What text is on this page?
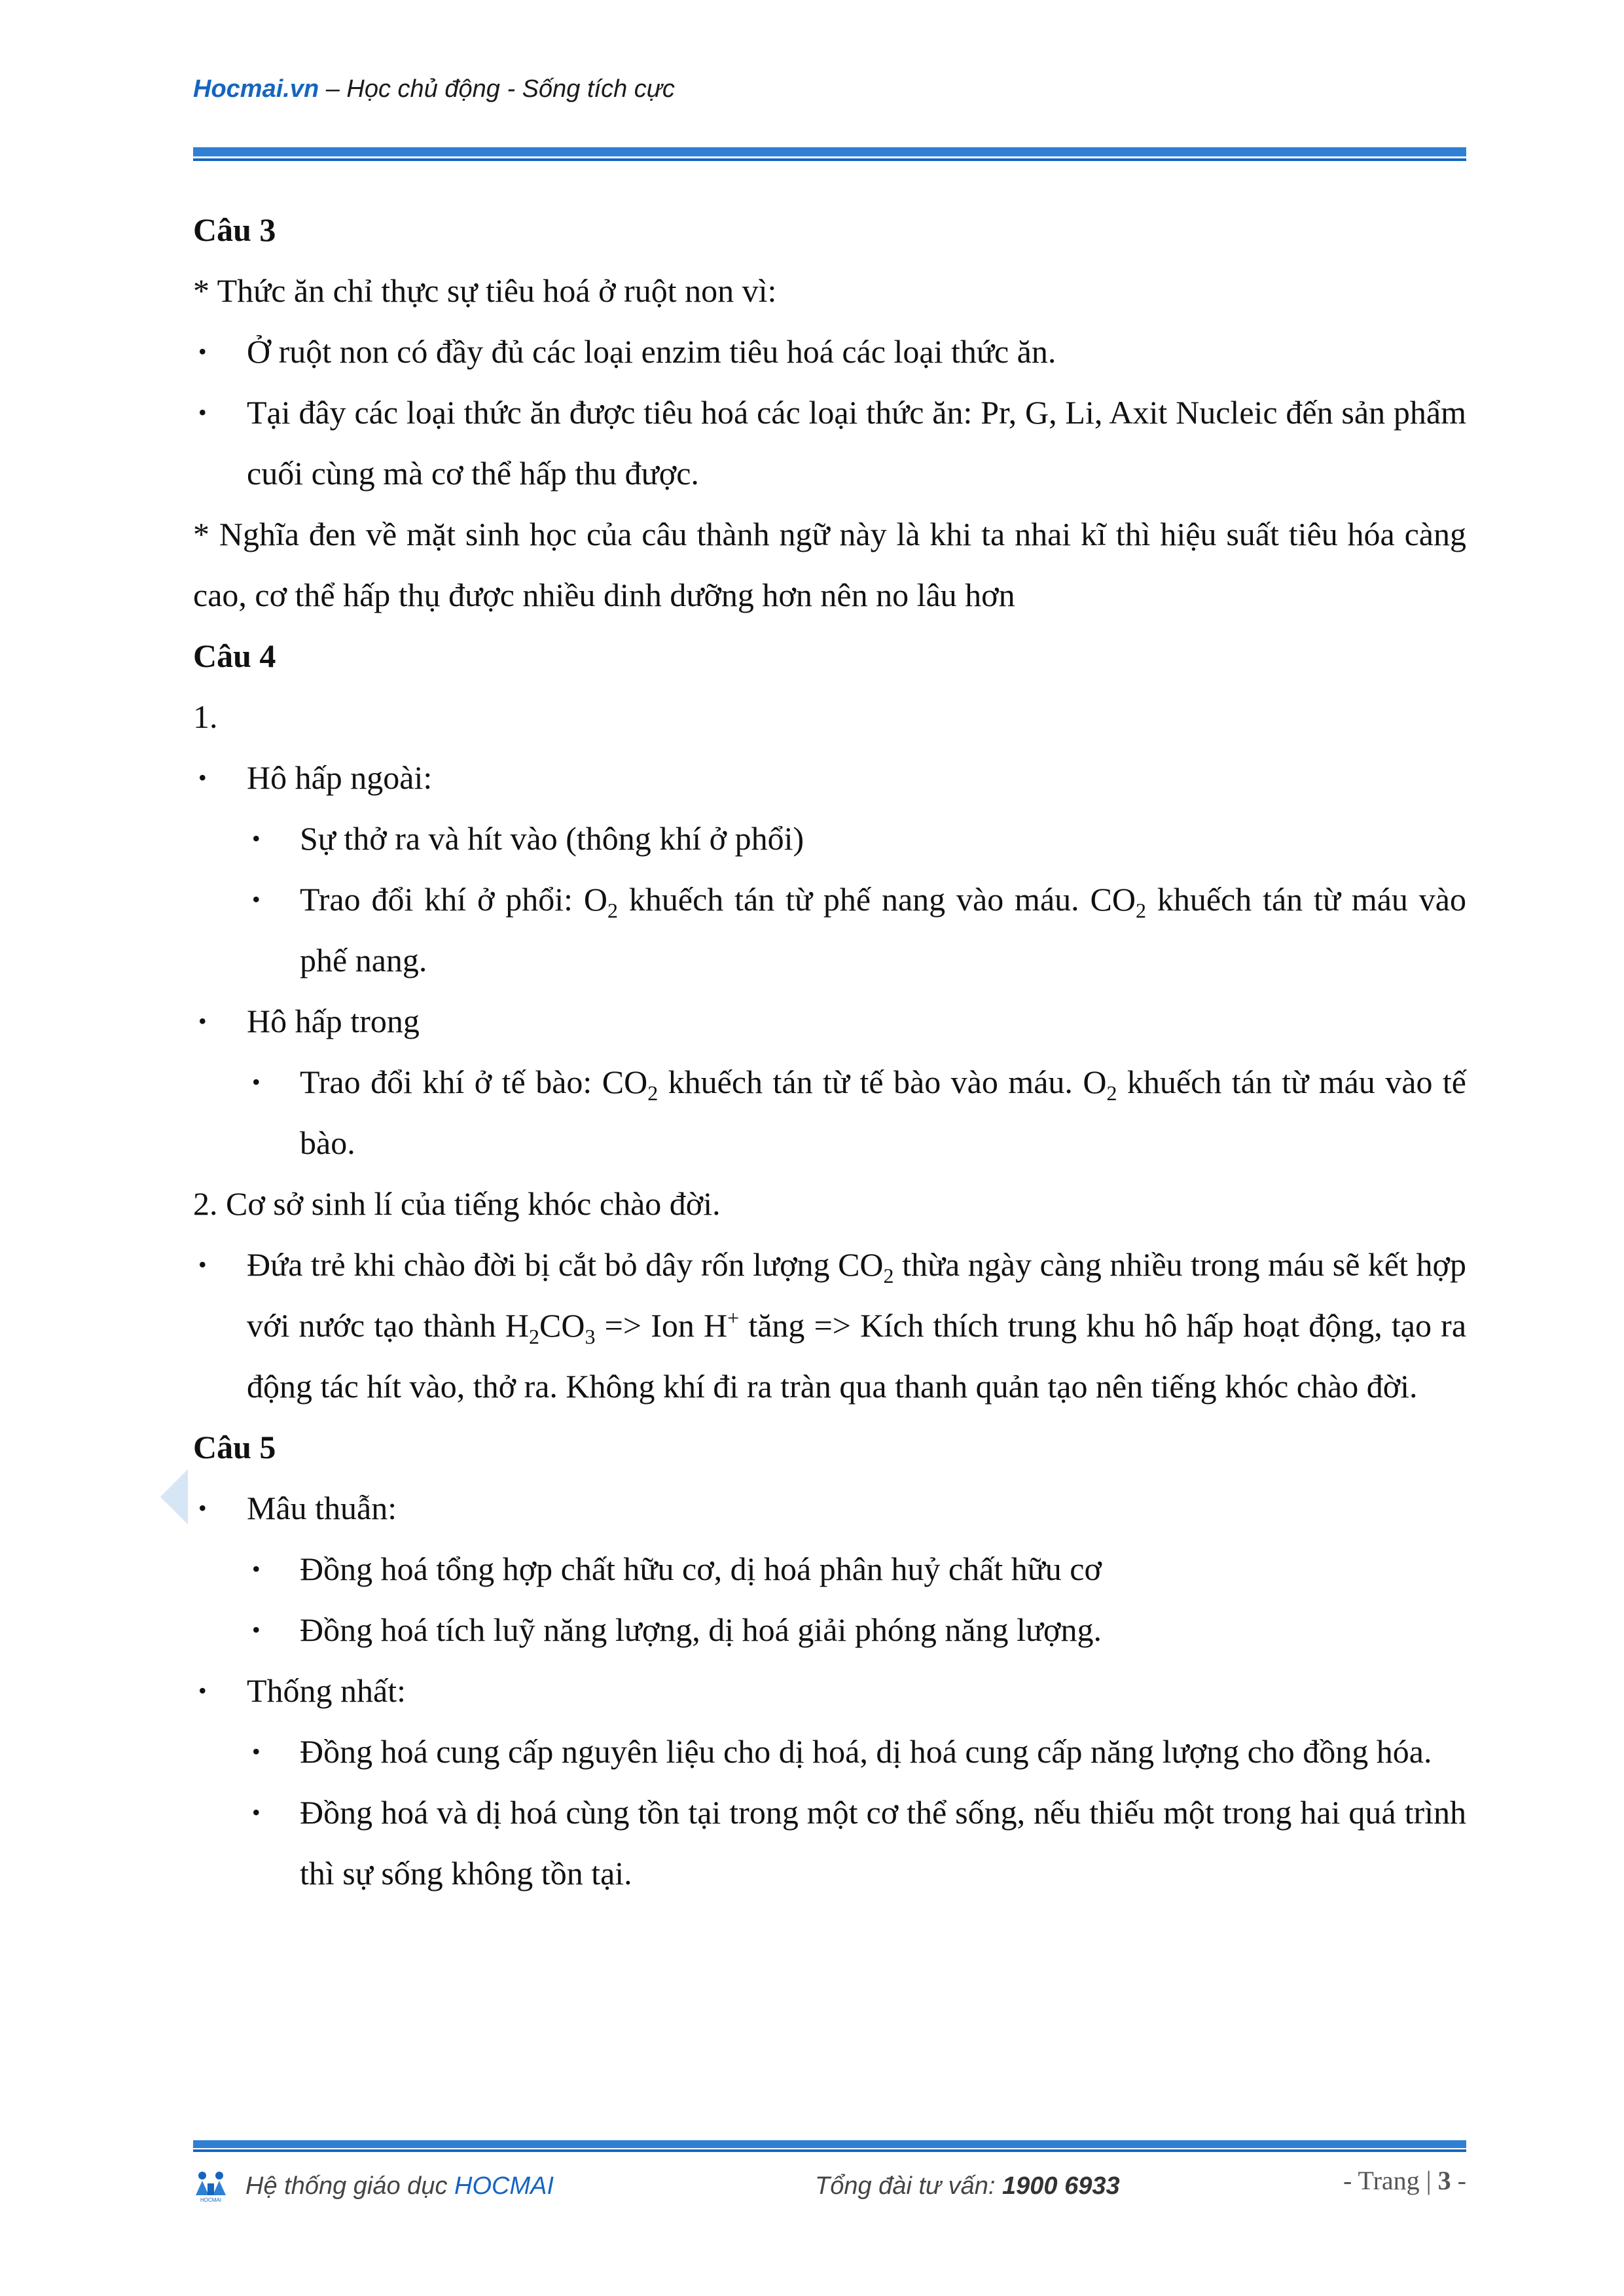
Hocmai.vn – Học chủ động - Sống tích cực
Câu 3
* Thức ăn chỉ thực sự tiêu hoá ở ruột non vì:
• Ở ruột non có đầy đủ các loại enzim tiêu hoá các loại thức ăn.
• Tại đây các loại thức ăn được tiêu hoá các loại thức ăn: Pr, G, Li, Axit Nucleic đến sản phẩm cuối cùng mà cơ thể hấp thu được.
* Nghĩa đen về mặt sinh học của câu thành ngữ này là khi ta nhai kĩ thì hiệu suất tiêu hóa càng cao, cơ thể hấp thụ được nhiều dinh dưỡng hơn nên no lâu hơn
Câu 4
1.
• Hô hấp ngoài:
• Sự thở ra và hít vào (thông khí ở phổi)
• Trao đổi khí ở phổi: $O_2$ khuếch tán từ phế nang vào máu. $CO_2$ khuếch tán từ máu vào phế nang.
• Hô hấp trong
• Trao đổi khí ở tế bào: $CO_2$ khuếch tán từ tế bào vào máu. $O_2$ khuếch tán từ máu vào tế bào.
2. Cơ sở sinh lí của tiếng khóc chào đời.
• Đứa trẻ khi chào đời bị cắt bỏ dây rốn lượng $CO_2$ thừa ngày càng nhiều trong máu sẽ kết hợp với nước tạo thành $H_2CO_3$ => Ion H+ tăng => Kích thích trung khu hô hấp hoạt động, tạo ra động tác hít vào, thở ra. Không khí đi ra tràn qua thanh quản tạo nên tiếng khóc chào đời.
Câu 5
• Mâu thuẫn:
• Đồng hoá tổng hợp chất hữu cơ, dị hoá phân huỷ chất hữu cơ
• Đồng hoá tích luỹ năng lượng, dị hoá giải phóng năng lượng.
• Thống nhất:
• Đồng hoá cung cấp nguyên liệu cho dị hoá, dị hoá cung cấp năng lượng cho đồng hóa.
• Đồng hoá và dị hoá cùng tồn tại trong một cơ thể sống, nếu thiếu một trong hai quá trình thì sự sống không tồn tại.
HOCMAI
Hệ thống giáo dục HOCMAI	Tổng đài tư vấn: 1900 6933	- Trang | 3 -
